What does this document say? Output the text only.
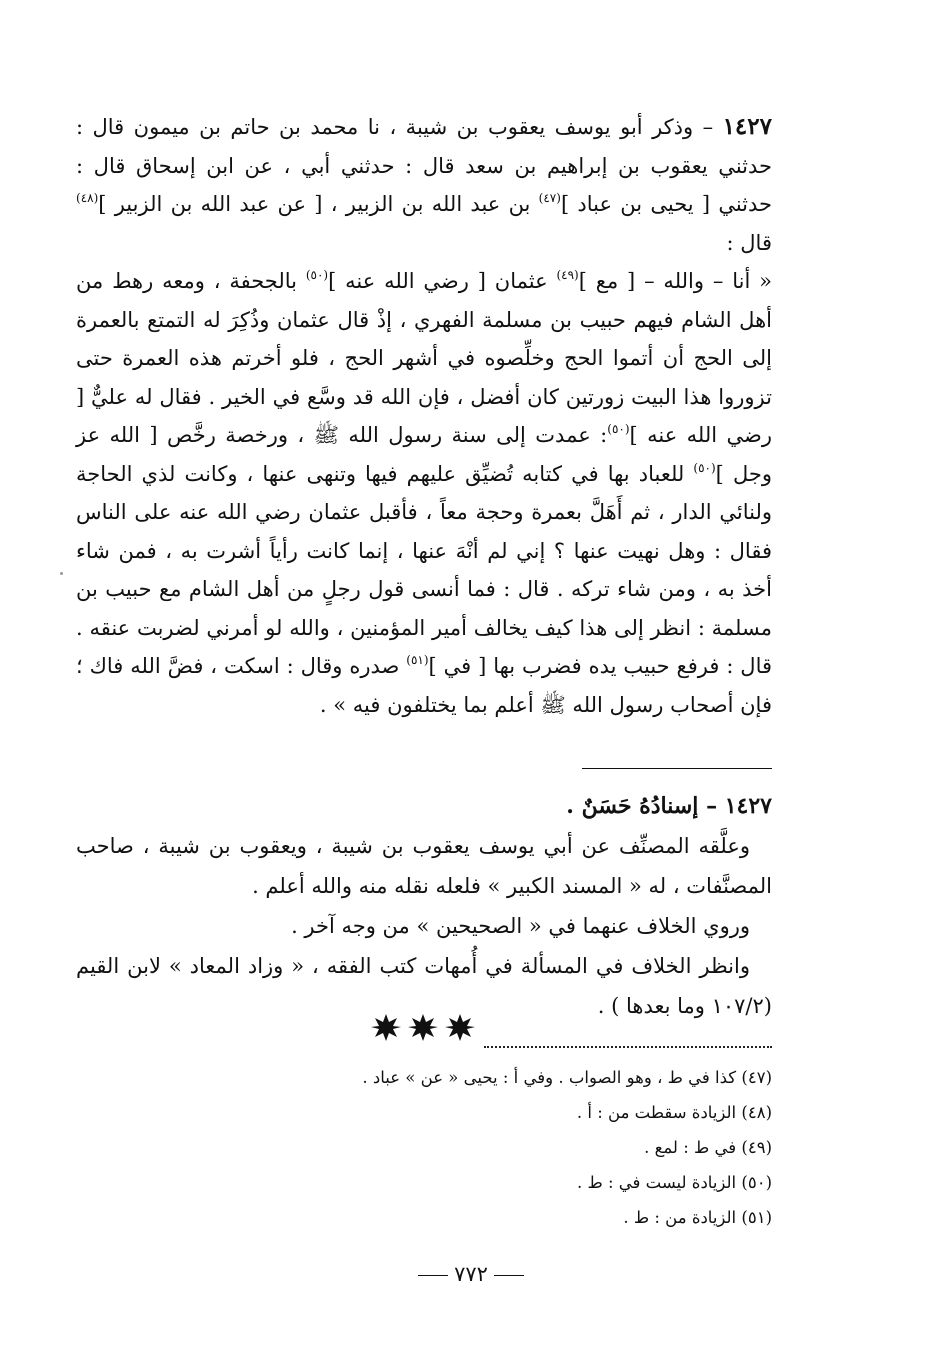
١٤٢٧ – وذكر أبو يوسف يعقوب بن شيبة ، نا محمد بن حاتم بن ميمون قال : حدثني يعقوب بن إبراهيم بن سعد قال : حدثني أبي ، عن ابن إسحاق قال : حدثني [ يحيى بن عباد ]$^{(٤٧)}$ بن عبد الله بن الزبير ، [ عن عبد الله بن الزبير ]$^{(٤٨)}$ قال :
« أنا – والله – [ مع ]$^{(٤٩)}$ عثمان [ رضي الله عنه ]$^{(٥٠)}$ بالجحفة ، ومعه رهط من أهل الشام فيهم حبيب بن مسلمة الفهري ، إذْ قال عثمان وذُكِرَ له التمتع بالعمرة إلى الحج أن أتموا الحج وخلِّصوه في أشهر الحج ، فلو أخرتم هذه العمرة حتى تزوروا هذا البيت زورتين كان أفضل ، فإن الله قد وسَّع في الخير . فقال له عليٌّ [ رضي الله عنه ]$^{(٥٠)}$: عمدت إلى سنة رسول الله ﷺ ، ورخصة رخَّص [ الله عز وجل ]$^{(٥٠)}$ للعباد بها في كتابه تُضيِّق عليهم فيها وتنهى عنها ، وكانت لذي الحاجة ولنائي الدار ، ثم أَهَلَّ بعمرة وحجة معاً ، فأقبل عثمان رضي الله عنه على الناس فقال : وهل نهيت عنها ؟ إني لم أنْهَ عنها ، إنما كانت رأياً أشرت به ، فمن شاء أخذ به ، ومن شاء تركه . قال : فما أنسى قول رجلٍ من أهل الشام مع حبيب بن مسلمة : انظر إلى هذا كيف يخالف أمير المؤمنين ، والله لو أمرني لضربت عنقه . قال : فرفع حبيب يده فضرب بها [ في ]$^{(٥١)}$ صدره وقال : اسكت ، فضَّ الله فاك ؛ فإن أصحاب رسول الله ﷺ أعلم بما يختلفون فيه » .

١٤٢٧ – إسنادُهُ حَسَنٌ .

وعلَّقه المصنِّف عن أبي يوسف يعقوب بن شيبة ، ويعقوب بن شيبة ، صاحب المصنَّفات ، له « المسند الكبير » فلعله نقله منه والله أعلم .

وروي الخلاف عنهما في « الصحيحين » من وجه آخر .

وانظر الخلاف في المسألة في أُمهات كتب الفقه ، « وزاد المعاد » لابن القيم (١٠٧/٢ وما بعدها ) .

(٤٧) كذا في ط ، وهو الصواب . وفي أ : يحيى « عن » عباد .
(٤٨) الزيادة سقطت من : أ .
(٤٩) في ط : لمع .
(٥٠) الزيادة ليست في : ط .
(٥١) الزيادة من : ط .
٧٧٢
